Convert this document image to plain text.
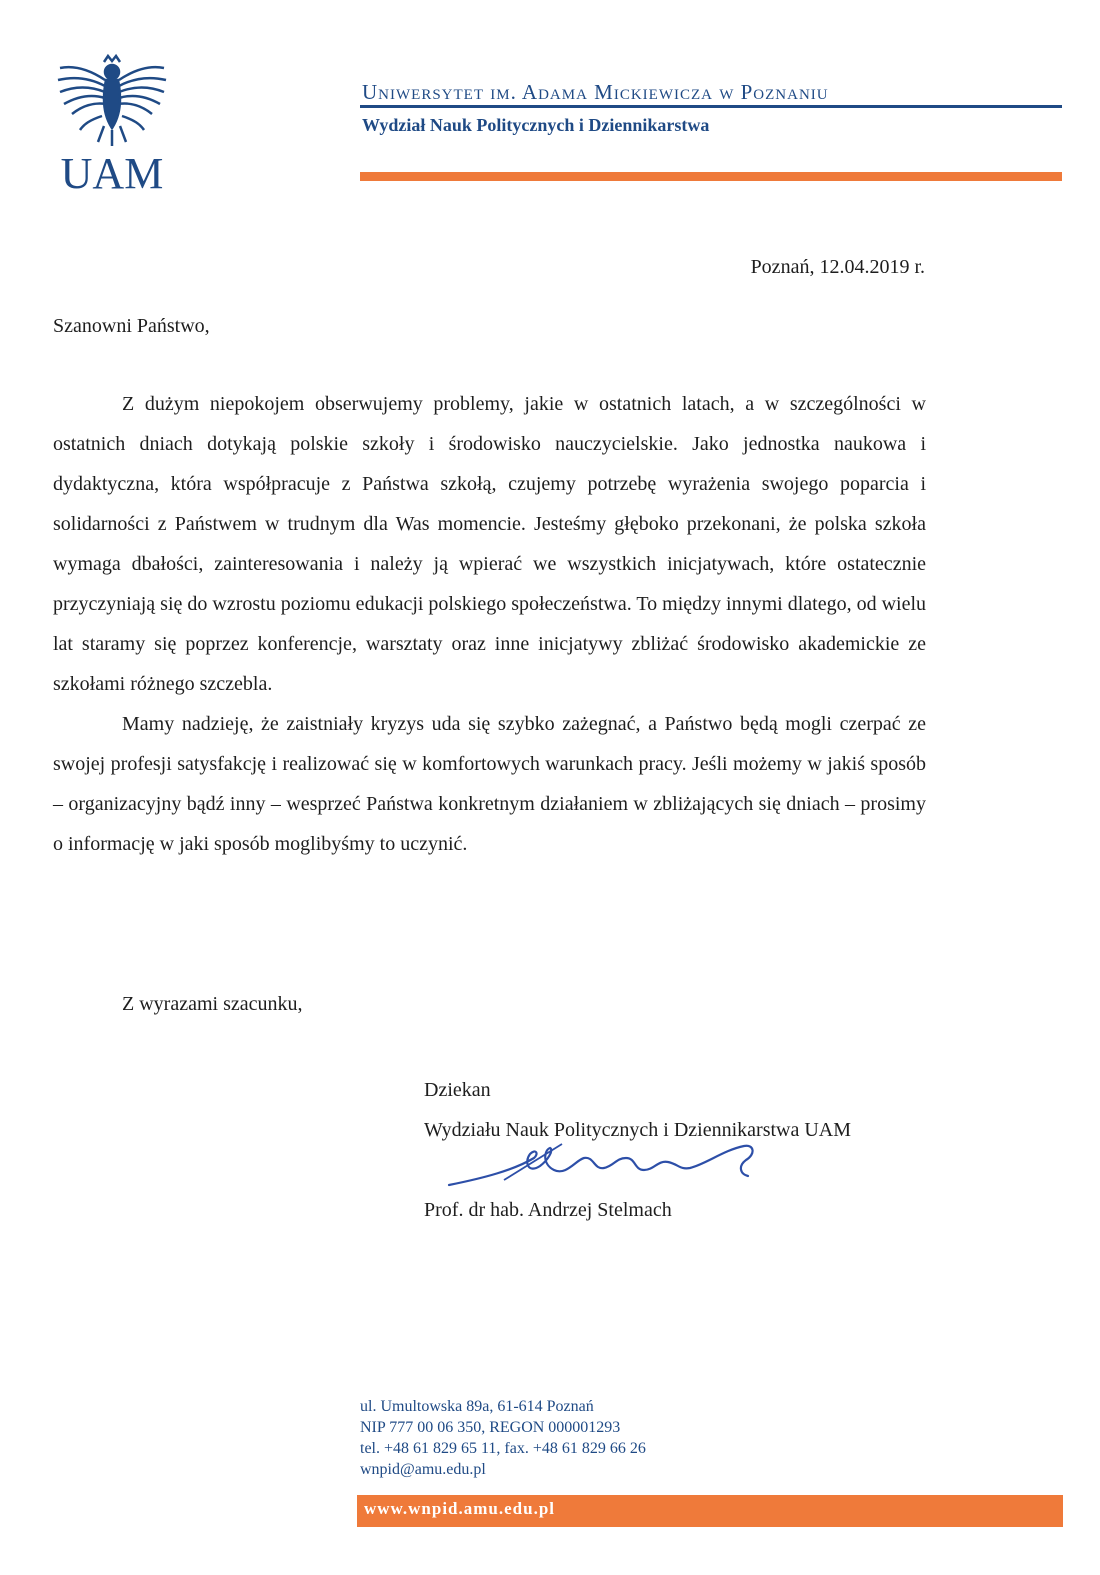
UAM
Uniwersytet im. Adama Mickiewicza w Poznaniu
Wydział Nauk Politycznych i Dziennikarstwa
Poznań, 12.04.2019 r.
Szanowni Państwo,

Z dużym niepokojem obserwujemy problemy, jakie w ostatnich latach, a w szczególności w ostatnich dniach dotykają polskie szkoły i środowisko nauczycielskie. Jako jednostka naukowa i dydaktyczna, która współpracuje z Państwa szkołą, czujemy potrzebę wyrażenia swojego poparcia i solidarności z Państwem w trudnym dla Was momencie. Jesteśmy głęboko przekonani, że polska szkoła wymaga dbałości, zainteresowania i należy ją wpierać we wszystkich inicjatywach, które ostatecznie przyczyniają się do wzrostu poziomu edukacji polskiego społeczeństwa. To między innymi dlatego, od wielu lat staramy się poprzez konferencje, warsztaty oraz inne inicjatywy zbliżać środowisko akademickie ze szkołami różnego szczebla.

Mamy nadzieję, że zaistniały kryzys uda się szybko zażegnać, a Państwo będą mogli czerpać ze swojej profesji satysfakcję i realizować się w komfortowych warunkach pracy. Jeśli możemy w jakiś sposób – organizacyjny bądź inny – wesprzeć Państwa konkretnym działaniem w zbliżających się dniach – prosimy o informację w jaki sposób moglibyśmy to uczynić.

Z wyrazami szacunku,
Dziekan
Wydziału Nauk Politycznych i Dziennikarstwa UAM
Prof. dr hab. Andrzej Stelmach
ul. Umultowska 89a, 61-614 Poznań
NIP 777 00 06 350, REGON 000001293
tel. +48 61 829 65 11, fax. +48 61 829 66 26
wnpid@amu.edu.pl
www.wnpid.amu.edu.pl
